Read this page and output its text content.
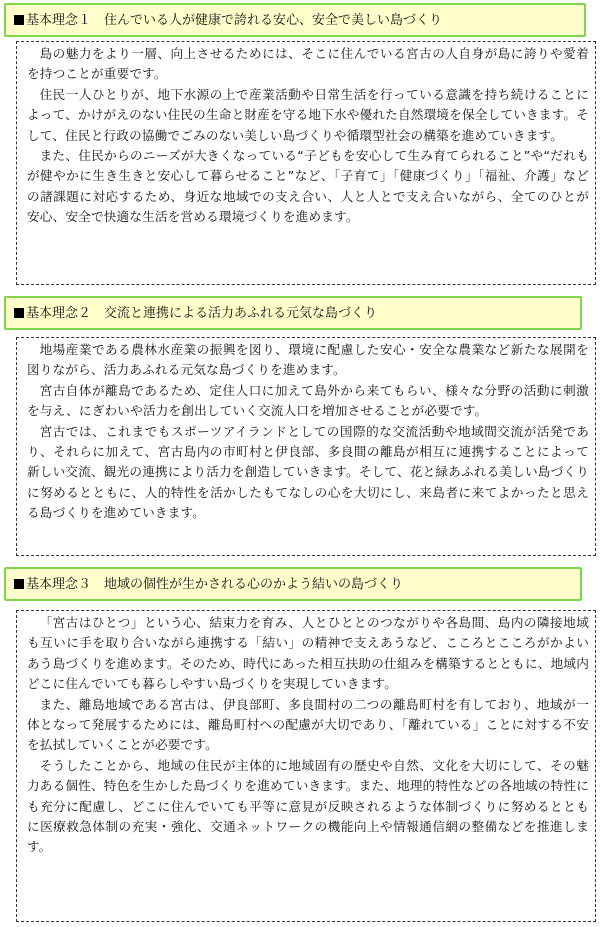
基本理念１　住んでいる人が健康で誇れる安心、安全で美しい島づくり

島の魅力をより一層、向上させるためには、そこに住んでいる宮古の人自身が島に誇りや愛着を持つことが重要です。

住民一人ひとりが、地下水源の上で産業活動や日常生活を行っている意識を持ち続けることによって、かけがえのない住民の生命と財産を守る地下水や優れた自然環境を保全していきます。そして、住民と行政の協働でごみのない美しい島づくりや循環型社会の構築を進めていきます。

また、住民からのニーズが大きくなっている“子どもを安心して生み育てられること”や“だれもが健やかに生き生きと安心して暮らせること”など、「子育て」「健康づくり」「福祉、介護」などの諸課題に対応するため、身近な地域での支え合い、人と人とで支え合いながら、全てのひとが安心、安全で快適な生活を営める環境づくりを進めます。

基本理念２　交流と連携による活力あふれる元気な島づくり

地場産業である農林水産業の振興を図り、環境に配慮した安心・安全な農業など新たな展開を図りながら、活力あふれる元気な島づくりを進めます。

宮古自体が離島であるため、定住人口に加えて島外から来てもらい、様々な分野の活動に刺激を与え、にぎわいや活力を創出していく交流人口を増加させることが必要です。

宮古では、これまでもスポーツアイランドとしての国際的な交流活動や地域間交流が活発であり、それらに加えて、宮古島内の市町村と伊良部、多良間の離島が相互に連携することによって新しい交流、観光の連携により活力を創造していきます。そして、花と緑あふれる美しい島づくりに努めるとともに、人的特性を活かしたもてなしの心を大切にし、来島者に来てよかったと思える島づくりを進めていきます。

基本理念３　地域の個性が生かされる心のかよう結いの島づくり

「宮古はひとつ」という心、結束力を育み、人とひととのつながりや各島間、島内の隣接地域も互いに手を取り合いながら連携する「結い」の精神で支えあうなど、こころとこころがかよいあう島づくりを進めます。そのため、時代にあった相互扶助の仕組みを構築するとともに、地域内どこに住んでいても暮らしやすい島づくりを実現していきます。

また、離島地域である宮古は、伊良部町、多良間村の二つの離島町村を有しており、地域が一体となって発展するためには、離島町村への配慮が大切であり、「離れている」ことに対する不安を払拭していくことが必要です。

そうしたことから、地域の住民が主体的に地域固有の歴史や自然、文化を大切にして、その魅力ある個性、特色を生かした島づくりを進めていきます。また、地理的特性などの各地域の特性にも充分に配慮し、どこに住んでいても平等に意見が反映されるような体制づくりに努めるとともに医療救急体制の充実・強化、交通ネットワークの機能向上や情報通信網の整備などを推進します。
